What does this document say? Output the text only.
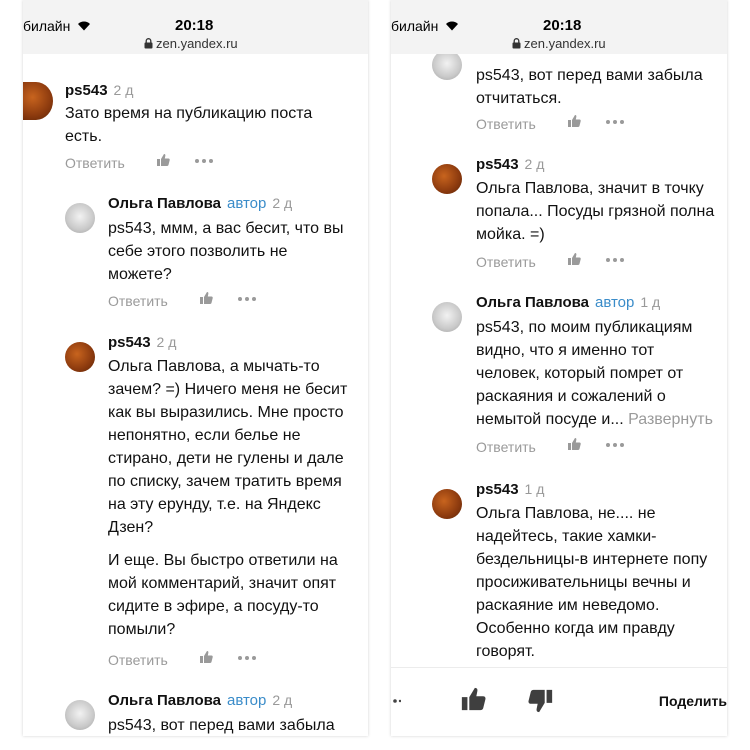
билайн	20:18
zen.yandex.ru
ps543 2 д
Зато время на публикацию поста
есть.
Ответить
Ольга Павлова автор 2 д
ps543, ммм, а вас бесит, что вы
себе этого позволить не
можете?
Ответить
ps543 2 д
Ольга Павлова, а мычать-то
зачем? =) Ничего меня не бесит
как вы выразились. Мне просто
непонятно, если белье не
стирано, дети не гулены и дале
по списку, зачем тратить время
на эту ерунду, т.е. на Яндекс
Дзен?
И еще. Вы быстро ответили на
мой комментарий, значит опят
сидите в эфире, а посуду-то
помыли?
Ответить
Ольга Павлова автор 2 д
ps543, вот перед вами забыла
билайн	20:18
zen.yandex.ru
ps543, вот перед вами забыла
отчитаться.
Ответить
ps543 2 д
Ольга Павлова, значит в точку
попала... Посуды грязной полна
мойка. =)
Ответить
Ольга Павлова автор 1 д
ps543, по моим публикациям
видно, что я именно тот
человек, который помрет от
раскаяния и сожалений о
немытой посуде и... Развернуть
Ответить
ps543 1 д
Ольга Павлова, не.... не
надейтесь, такие хамки-
бездельницы-в интернете попу
просиживательницы вечны и
раскаяние им неведомо.
Особенно когда им правду
говорят.
Поделить
